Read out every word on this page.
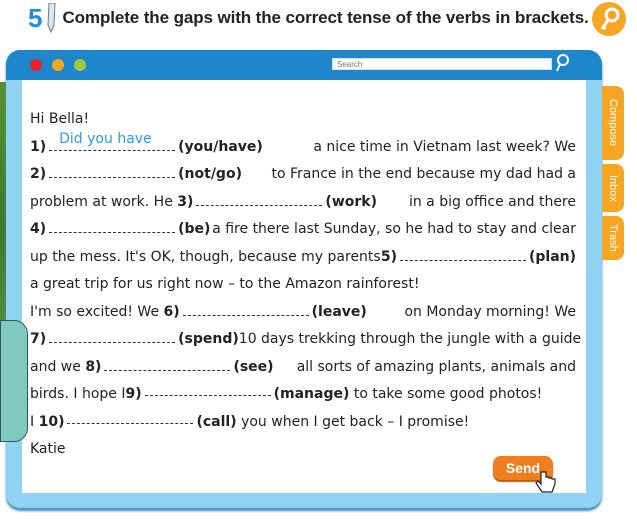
5 Complete the gaps with the correct tense of the verbs in brackets.
Search
Hi Bella!
1) Did you have (you/have)	a nice time in Vietnam last week? We
2)	(not/go) to France in the end because my dad had a
problem at work. He 3)	(work) in a big office and there
4)	(be) a fire there last Sunday, so he had to stay and clear
up the mess. It's OK, though, because my parents 5)	(plan)
a great trip for us right now – to the Amazon rainforest!
I'm so excited! We 6)	(leave)	on Monday morning! We
7)	(spend) 10 days trekking through the jungle with a guide
and we 8)	(see) all sorts of amazing plants, animals and
birds. I hope I 9)	(manage)
to take some good photos!
I
10)	(call)
you when I get back – I promise!
Katie
Compose
Inbox
Trash
Send
